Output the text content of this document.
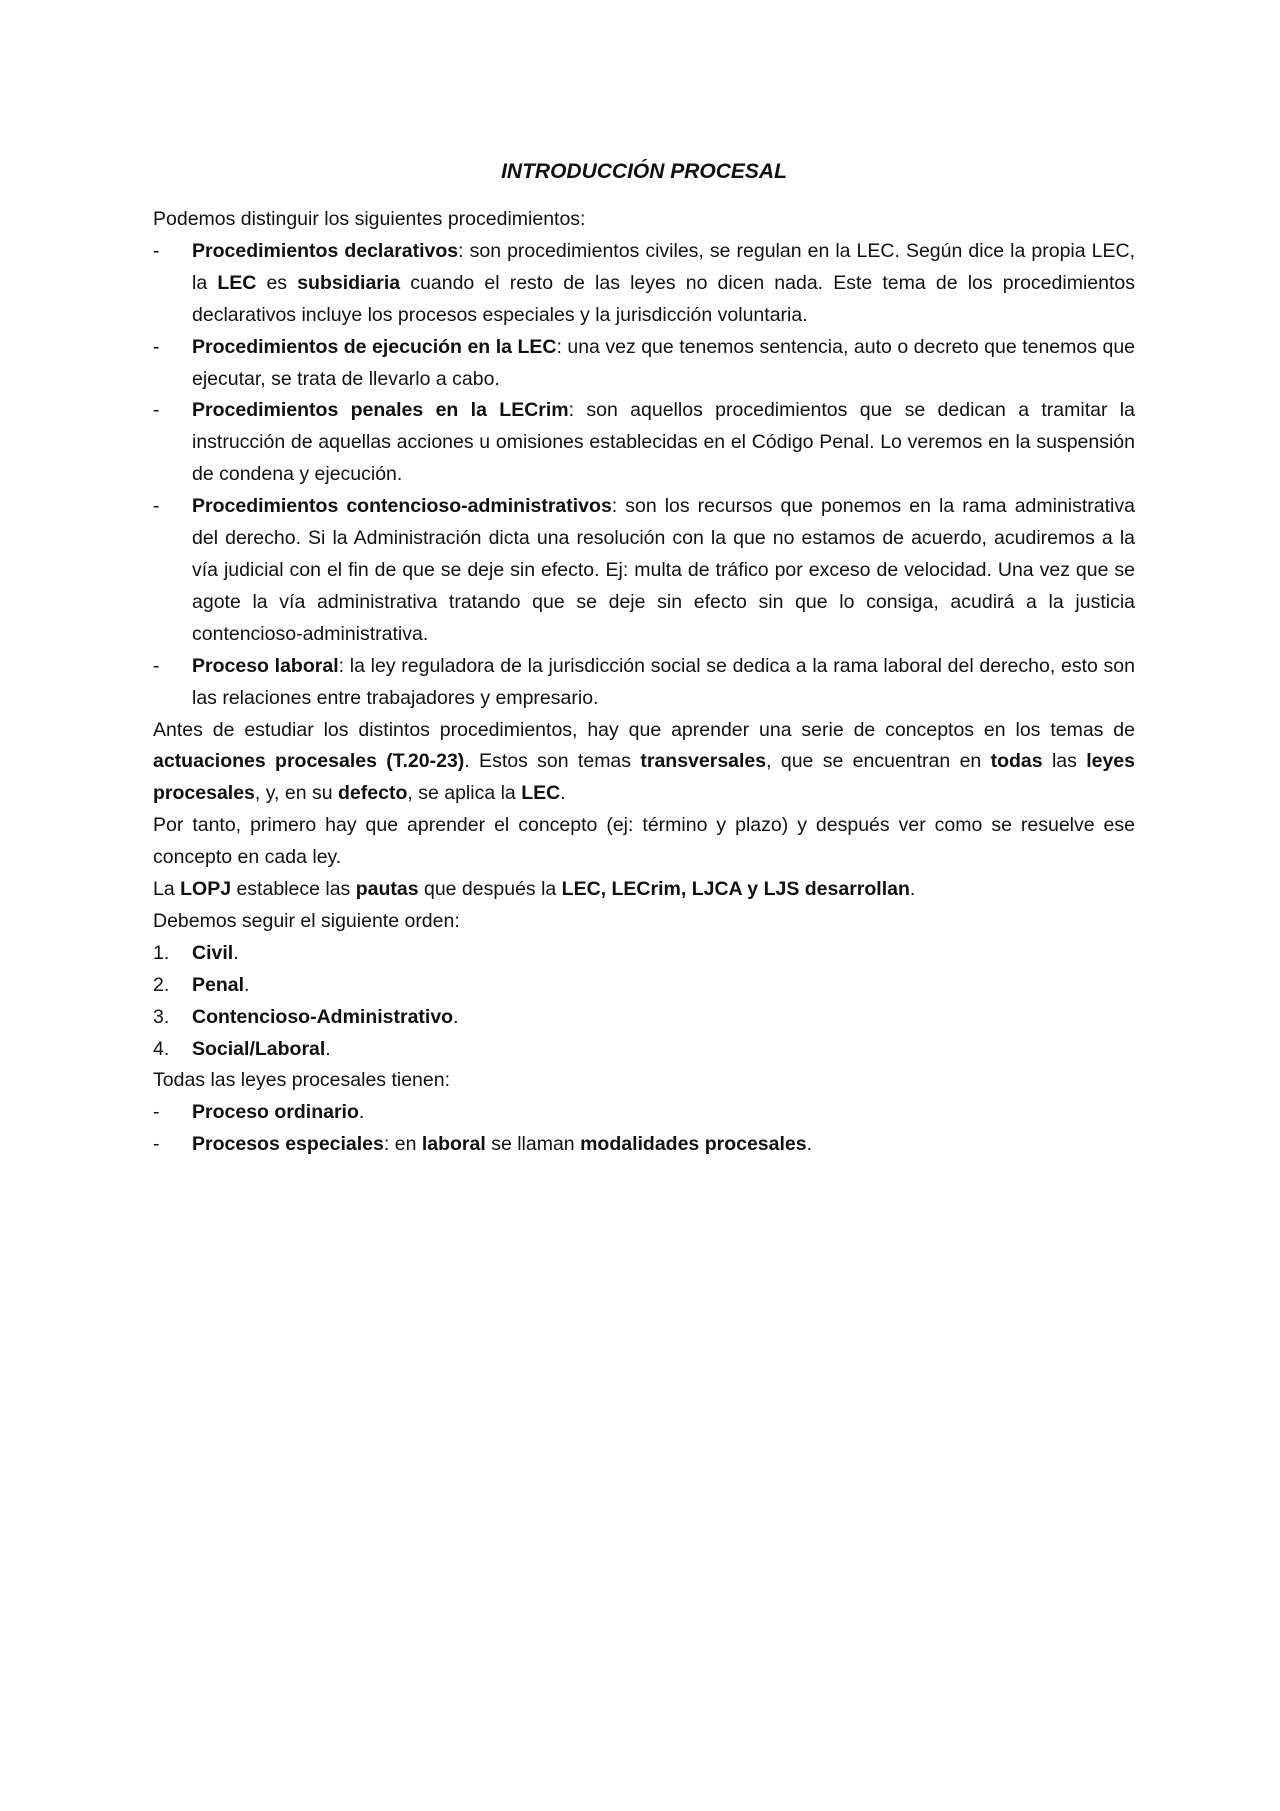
INTRODUCCIÓN PROCESAL

Podemos distinguir los siguientes procedimientos:

-	Procedimientos declarativos: son procedimientos civiles, se regulan en la LEC. Según dice la propia LEC, la LEC es subsidiaria cuando el resto de las leyes no dicen nada. Este tema de los procedimientos declarativos incluye los procesos especiales y la jurisdicción voluntaria.
-	Procedimientos de ejecución en la LEC: una vez que tenemos sentencia, auto o decreto que tenemos que ejecutar, se trata de llevarlo a cabo.
-	Procedimientos penales en la LECrim: son aquellos procedimientos que se dedican a tramitar la instrucción de aquellas acciones u omisiones establecidas en el Código Penal. Lo veremos en la suspensión de condena y ejecución.
-	Procedimientos contencioso-administrativos: son los recursos que ponemos en la rama administrativa del derecho. Si la Administración dicta una resolución con la que no estamos de acuerdo, acudiremos a la vía judicial con el fin de que se deje sin efecto. Ej: multa de tráfico por exceso de velocidad. Una vez que se agote la vía administrativa tratando que se deje sin efecto sin que lo consiga, acudirá a la justicia contencioso-administrativa.
-	Proceso laboral: la ley reguladora de la jurisdicción social se dedica a la rama laboral del derecho, esto son las relaciones entre trabajadores y empresario.

Antes de estudiar los distintos procedimientos, hay que aprender una serie de conceptos en los temas de actuaciones procesales (T.20-23). Estos son temas transversales, que se encuentran en todas las leyes procesales, y, en su defecto, se aplica la LEC.

Por tanto, primero hay que aprender el concepto (ej: término y plazo) y después ver como se resuelve ese concepto en cada ley.

La LOPJ establece las pautas que después la LEC, LECrim, LJCA y LJS desarrollan.

Debemos seguir el siguiente orden:

1.	Civil.
2.	Penal.
3.	Contencioso-Administrativo.
4.	Social/Laboral.

Todas las leyes procesales tienen:

-	Proceso ordinario.
-	Procesos especiales: en laboral se llaman modalidades procesales.
